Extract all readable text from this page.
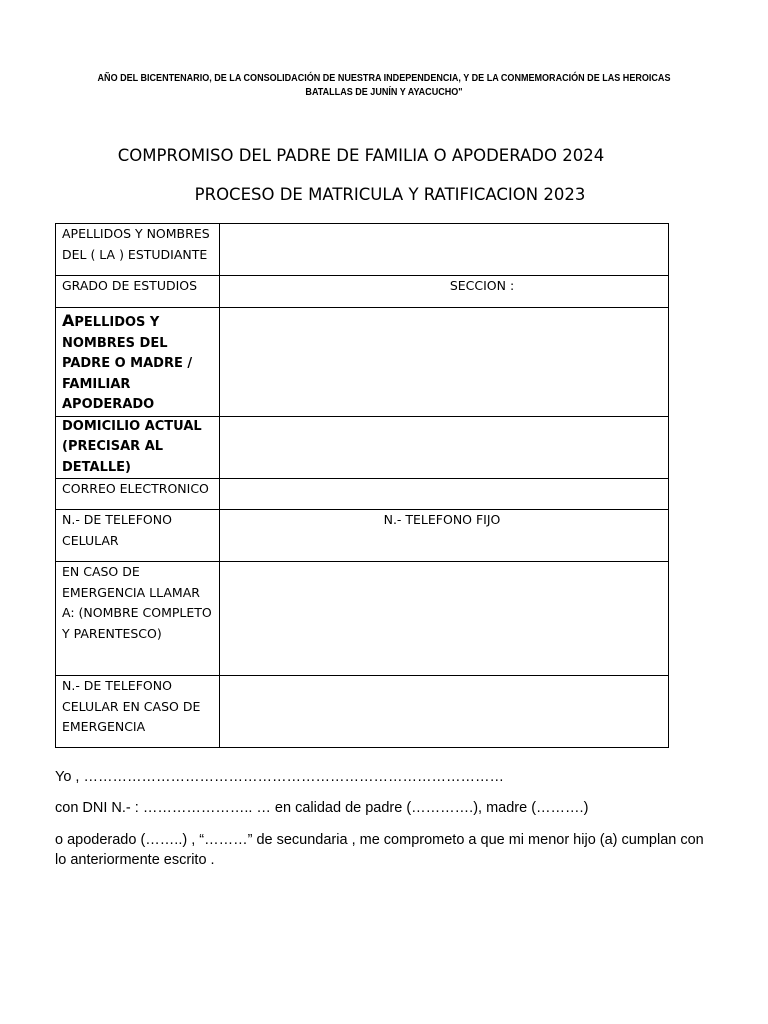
AÑO DEL BICENTENARIO, DE LA CONSOLIDACIÓN DE NUESTRA INDEPENDENCIA, Y DE LA CONMEMORACIÓN DE LAS HEROICAS BATALLAS DE JUNÍN Y AYACUCHO"
COMPROMISO DEL PADRE DE FAMILIA O APODERADO 2024
PROCESO DE MATRICULA Y RATIFICACION 2023
APELLIDOS Y NOMBRES DEL ( LA ) ESTUDIANTE	
GRADO DE ESTUDIOS	SECCION :
APELLIDOS Y NOMBRES DEL PADRE O MADRE / FAMILIAR APODERADO	
DOMICILIO ACTUAL (PRECISAR AL DETALLE)	
CORREO ELECTRONICO	
N.- DE TELEFONO CELULAR	N.- TELEFONO FIJO
EN CASO DE EMERGENCIA LLAMAR A: (NOMBRE COMPLETO Y PARENTESCO)	
N.- DE TELEFONO CELULAR EN CASO DE EMERGENCIA	
Yo , ……………………………………………………………………………
con DNI N.- : ………………….. … en calidad de padre (………….), madre (……….)
o apoderado (……..) , “………” de secundaria , me comprometo a que mi menor hijo (a) cumplan con lo anteriormente escrito .
